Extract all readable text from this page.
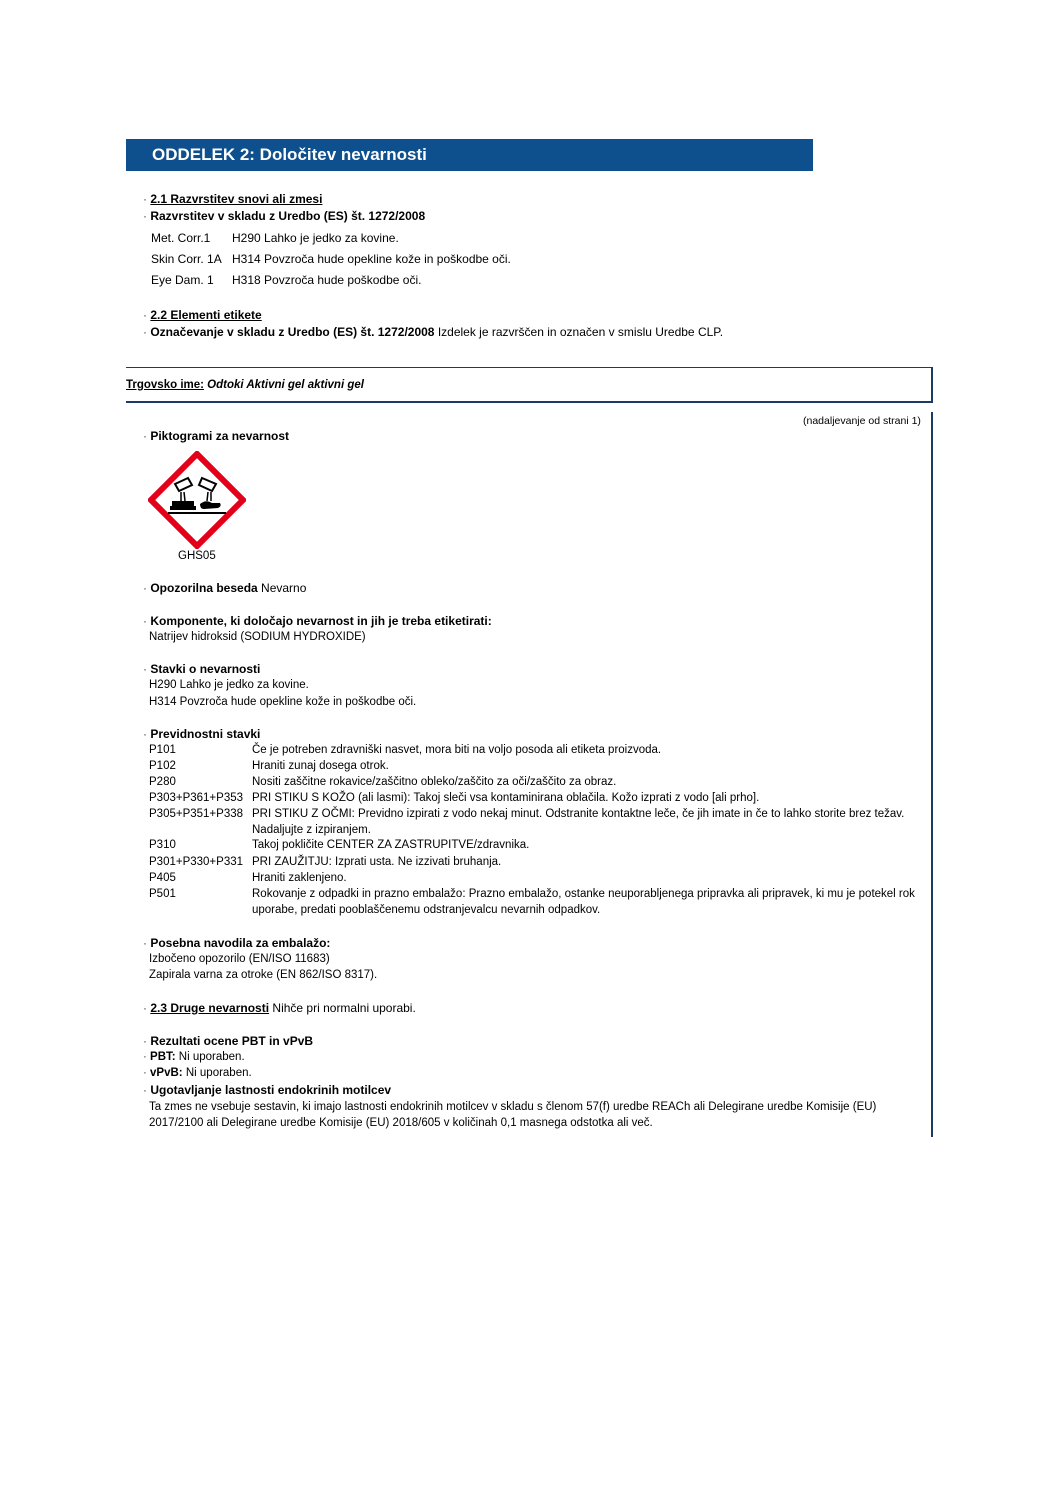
ODDELEK 2: Določitev nevarnosti
· 2.1 Razvrstitev snovi ali zmesi
· Razvrstitev v skladu z Uredbo (ES) št. 1272/2008
Met. Corr.1 H290 Lahko je jedko za kovine.
Skin Corr. 1A H314 Povzroča hude opekline kože in poškodbe oči.
Eye Dam. 1 H318 Povzroča hude poškodbe oči.
· 2.2 Elementi etikete
· Označevanje v skladu z Uredbo (ES) št. 1272/2008 Izdelek je razvrščen in označen v smislu Uredbe CLP.
Trgovsko ime: Odtoki Aktivni gel aktivni gel
(nadaljevanje od strani 1)
· Piktogrami za nevarnost
GHS05
· Opozorilna beseda Nevarno
· Komponente, ki določajo nevarnost in jih je treba etiketirati:
Natrijev hidroksid (SODIUM HYDROXIDE)
· Stavki o nevarnosti
H290 Lahko je jedko za kovine.
H314 Povzroča hude opekline kože in poškodbe oči.
· Previdnostni stavki
P101	Če je potreben zdravniški nasvet, mora biti na voljo posoda ali etiketa proizvoda.
P102	Hraniti zunaj dosega otrok.
P280	Nositi zaščitne rokavice/zaščitno obleko/zaščito za oči/zaščito za obraz.
P303+P361+P353 PRI STIKU S KOŽO (ali lasmi): Takoj sleči vsa kontaminirana oblačila. Kožo izprati z vodo [ali prho].
P305+P351+P338 PRI STIKU Z OČMI: Previdno izpirati z vodo nekaj minut. Odstranite kontaktne leče, če jih imate in če to lahko storite brez težav. Nadaljujte z izpiranjem.
P310	Takoj pokličite CENTER ZA ZASTRUPITVE/zdravnika.
P301+P330+P331 PRI ZAUŽITJU: Izprati usta. Ne izzivati bruhanja.
P405	Hraniti zaklenjeno.
P501	Rokovanje z odpadki in prazno embalažo: Prazno embalažo, ostanke neuporabljenega pripravka ali pripravek, ki mu je potekel rok uporabe, predati pooblaščenemu odstranjevalcu nevarnih odpadkov.
· Posebna navodila za embalažo:
Izbočeno opozorilo (EN/ISO 11683)
Zapirala varna za otroke (EN 862/ISO 8317).
· 2.3 Druge nevarnosti Nihče pri normalni uporabi.
· Rezultati ocene PBT in vPvB
· PBT: Ni uporaben.
· vPvB: Ni uporaben.
· Ugotavljanje lastnosti endokrinih motilcev
Ta zmes ne vsebuje sestavin, ki imajo lastnosti endokrinih motilcev v skladu s členom 57(f) uredbe REACh ali Delegirane uredbe Komisije (EU) 2017/2100 ali Delegirane uredbe Komisije (EU) 2018/605 v količinah 0,1 masnega odstotka ali več.
